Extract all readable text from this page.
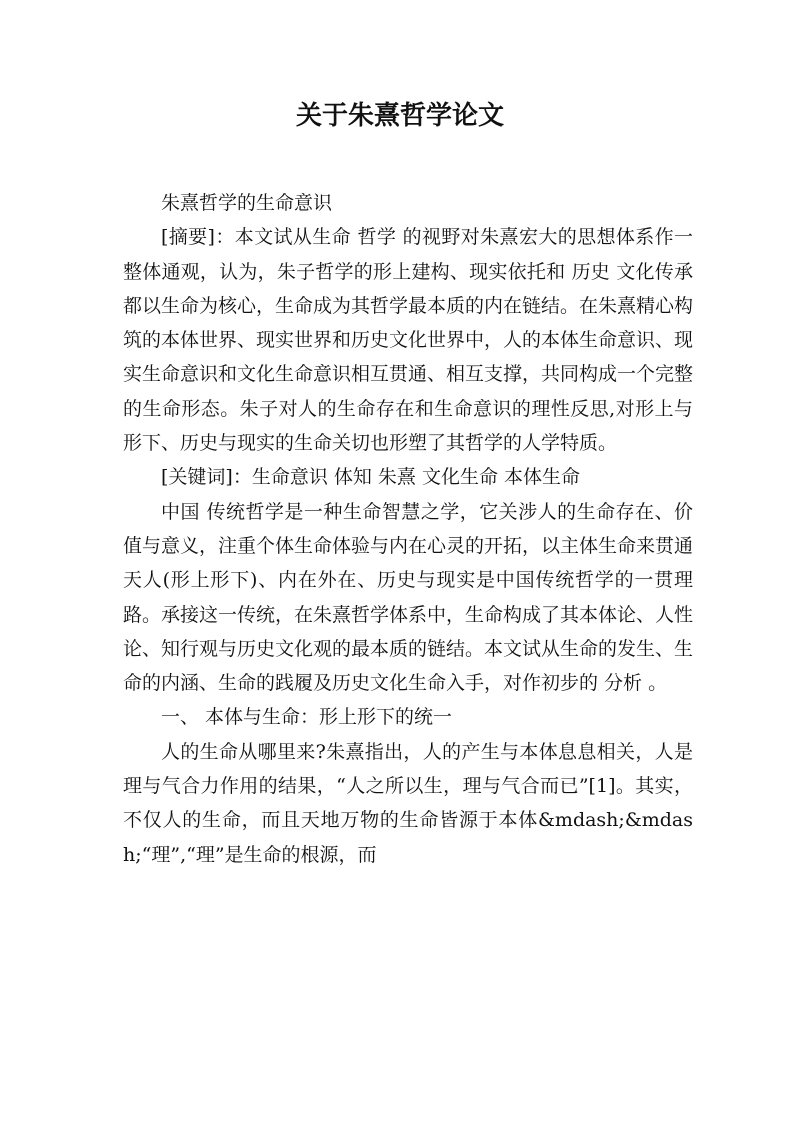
关于朱熹哲学论文

朱熹哲学的生命意识

[摘要]：本文试从生命 哲学 的视野对朱熹宏大的思想体系作一整体通观，认为，朱子哲学的形上建构、现实依托和 历史 文化传承都以生命为核心，生命成为其哲学最本质的内在链结。在朱熹精心构筑的本体世界、现实世界和历史文化世界中，人的本体生命意识、现实生命意识和文化生命意识相互贯通、相互支撑，共同构成一个完整的生命形态。朱子对人的生命存在和生命意识的理性反思,对形上与形下、历史与现实的生命关切也形塑了其哲学的人学特质。

[关键词]：生命意识 体知 朱熹 文化生命 本体生命

中国 传统哲学是一种生命智慧之学，它关涉人的生命存在、价值与意义，注重个体生命体验与内在心灵的开拓，以主体生命来贯通天人(形上形下)、内在外在、历史与现实是中国传统哲学的一贯理路。承接这一传统，在朱熹哲学体系中，生命构成了其本体论、人性论、知行观与历史文化观的最本质的链结。本文试从生命的发生、生命的内涵、生命的践履及历史文化生命入手，对作初步的 分析 。

一、 本体与生命：形上形下的统一

人的生命从哪里来?朱熹指出，人的产生与本体息息相关，人是理与气合力作用的结果，“人之所以生，理与气合而已”[1]。其实，不仅人的生命，而且天地万物的生命皆源于本体&mdash;&mdash;“理”,“理”是生命的根源，而
